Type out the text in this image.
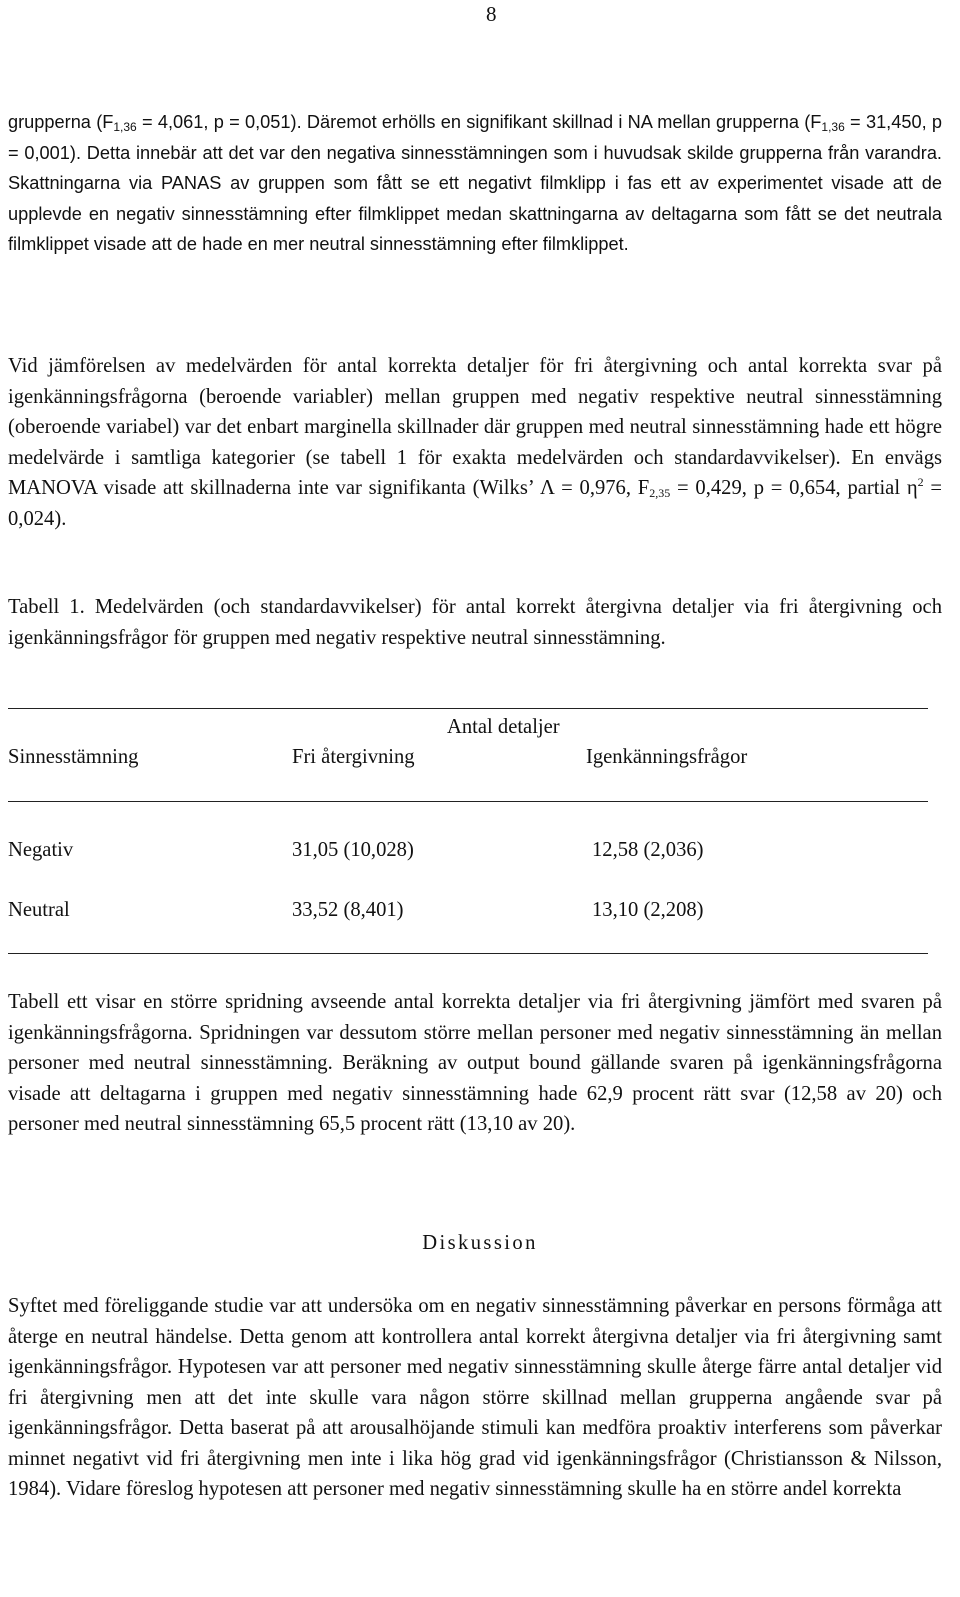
8

grupperna ($F_{1,36} = 4,061$, p = 0,051). Däremot erhölls en signifikant skillnad i NA mellan grupperna ($F_{1,36} = 31,450$, p = 0,001). Detta innebär att det var den negativa sinnesstämningen som i huvudsak skilde grupperna från varandra. Skattningarna via PANAS av gruppen som fått se ett negativt filmklipp i fas ett av experimentet visade att de upplevde en negativ sinnesstämning efter filmklippet medan skattningarna av deltagarna som fått se det neutrala filmklippet visade att de hade en mer neutral sinnesstämning efter filmklippet.

Vid jämförelsen av medelvärden för antal korrekta detaljer för fri återgivning och antal korrekta svar på igenkänningsfrågorna (beroende variabler) mellan gruppen med negativ respektive neutral sinnesstämning (oberoende variabel) var det enbart marginella skillnader där gruppen med neutral sinnesstämning hade ett högre medelvärde i samtliga kategorier (se tabell 1 för exakta medelvärden och standardavvikelser). En envägs MANOVA visade att skillnaderna inte var signifikanta (Wilks’ Λ = 0,976, $F_{2,35} = 0,429$, p = 0,654, partial $\eta^2 = 0,024$).

Tabell 1. Medelvärden (och standardavvikelser) för antal korrekt återgivna detaljer via fri återgivning och igenkänningsfrågor för gruppen med negativ respektive neutral sinnesstämning.

Antal detaljer
Sinnesstämning	Fri återgivning	Igenkänningsfrågor
Negativ	31,05 (10,028)	12,58 (2,036)
Neutral	33,52 (8,401)	13,10 (2,208)

Tabell ett visar en större spridning avseende antal korrekta detaljer via fri återgivning jämfört med svaren på igenkänningsfrågorna. Spridningen var dessutom större mellan personer med negativ sinnesstämning än mellan personer med neutral sinnesstämning. Beräkning av output bound gällande svaren på igenkänningsfrågorna visade att deltagarna i gruppen med negativ sinnesstämning hade 62,9 procent rätt svar (12,58 av 20) och personer med neutral sinnesstämning 65,5 procent rätt (13,10 av 20).

Diskussion

Syftet med föreliggande studie var att undersöka om en negativ sinnesstämning påverkar en persons förmåga att återge en neutral händelse. Detta genom att kontrollera antal korrekt återgivna detaljer via fri återgivning samt igenkänningsfrågor. Hypotesen var att personer med negativ sinnesstämning skulle återge färre antal detaljer vid fri återgivning men att det inte skulle vara någon större skillnad mellan grupperna angående svar på igenkänningsfrågor. Detta baserat på att arousalhöjande stimuli kan medföra proaktiv interferens som påverkar minnet negativt vid fri återgivning men inte i lika hög grad vid igenkänningsfrågor (Christiansson & Nilsson, 1984). Vidare föreslog hypotesen att personer med negativ sinnesstämning skulle ha en större andel korrekta
